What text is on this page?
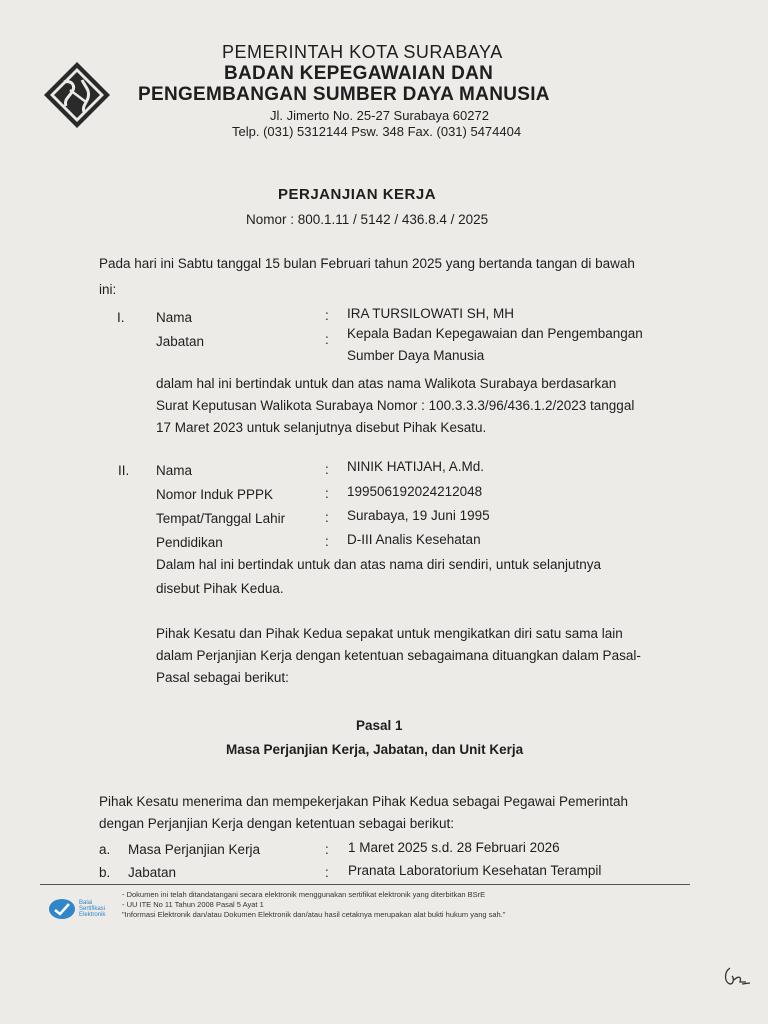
PEMERINTAH KOTA SURABAYA
BADAN KEPEGAWAIAN DAN
PENGEMBANGAN SUMBER DAYA MANUSIA
Jl. Jimerto No. 25-27 Surabaya 60272
Telp. (031) 5312144 Psw. 348 Fax. (031) 5474404
PERJANJIAN KERJA
Nomor : 800.1.11 / 5142 / 436.8.4 / 2025
Pada hari ini Sabtu tanggal 15 bulan Februari tahun 2025 yang bertanda tangan di bawah
ini:
I. Nama	: IRA TURSILOWATI SH, MH
Jabatan	: Kepala Badan Kepegawaian dan Pengembangan
Sumber Daya Manusia
dalam hal ini bertindak untuk dan atas nama Walikota Surabaya berdasarkan
Surat Keputusan Walikota Surabaya Nomor : 100.3.3.3/96/436.1.2/2023 tanggal
17 Maret 2023 untuk selanjutnya disebut Pihak Kesatu.
II. Nama	: NINIK HATIJAH, A.Md.
Nomor Induk PPPK	: 199506192024212048
Tempat/Tanggal Lahir	: Surabaya, 19 Juni 1995
Pendidikan	: D-III Analis Kesehatan
Dalam hal ini bertindak untuk dan atas nama diri sendiri, untuk selanjutnya
disebut Pihak Kedua.
Pihak Kesatu dan Pihak Kedua sepakat untuk mengikatkan diri satu sama lain
dalam Perjanjian Kerja dengan ketentuan sebagaimana dituangkan dalam Pasal-
Pasal sebagai berikut:
Pasal 1
Masa Perjanjian Kerja, Jabatan, dan Unit Kerja
Pihak Kesatu menerima dan mempekerjakan Pihak Kedua sebagai Pegawai Pemerintah
dengan Perjanjian Kerja dengan ketentuan sebagai berikut:
a. Masa Perjanjian Kerja	: 1 Maret 2025 s.d. 28 Februari 2026
b. Jabatan	: Pranata Laboratorium Kesehatan Terampil
Balai Sertifikasi Elektronik
- Dokumen ini telah ditandatangani secara elektronik menggunakan sertifikat elektronik yang diterbitkan BSrE
- UU ITE No 11 Tahun 2008 Pasal 5 Ayat 1
"Informasi Elektronik dan/atau Dokumen Elektronik dan/atau hasil cetaknya merupakan alat bukti hukum yang sah."
